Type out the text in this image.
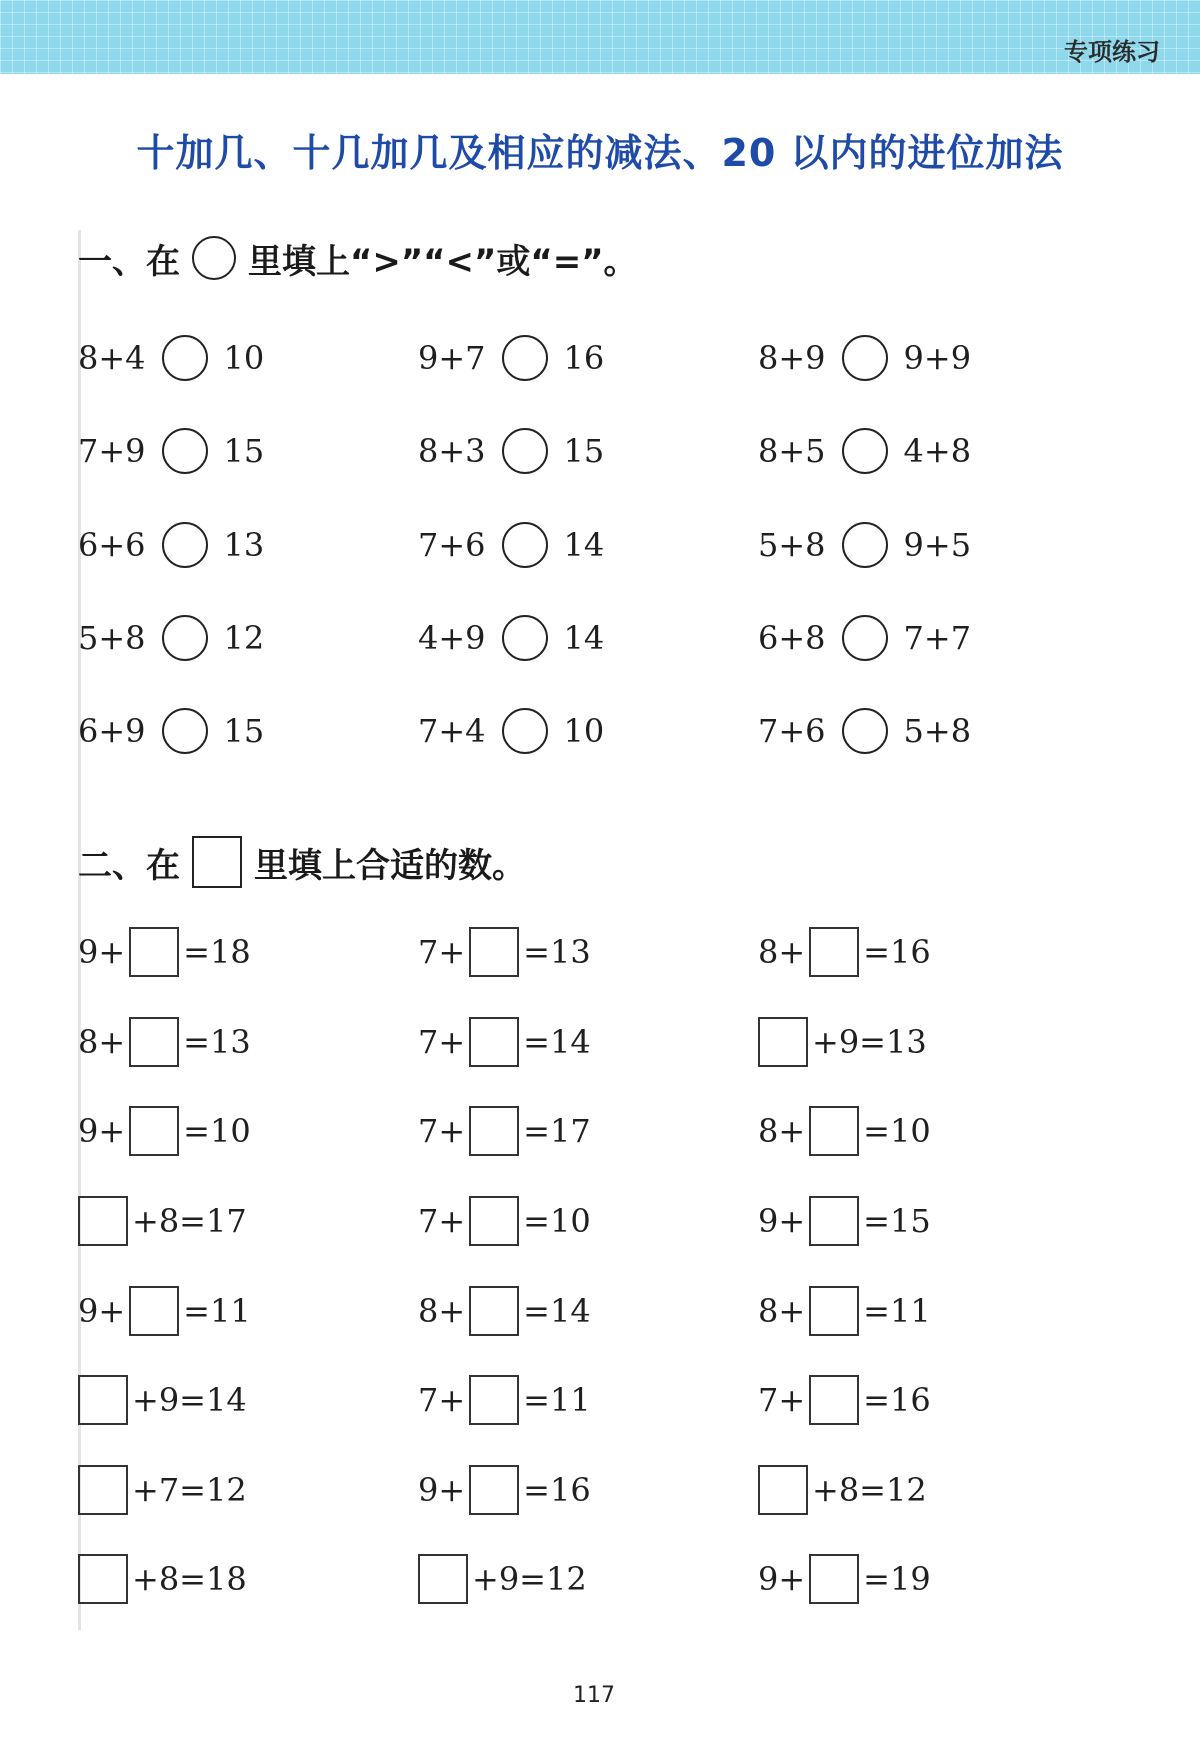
专项练习
十加几、十几加几及相应的减法、20 以内的进位加法
一、在 里填上“>”“<”或“=”。
8+4 10	9+7 16	8+9 9+9
7+9 15	8+3 15	8+5 4+8
6+6 13	7+6 14	5+8 9+5
5+8 12	4+9 14	6+8 7+7
6+9 15	7+4 10	7+6 5+8
二、在 里填上合适的数。
9+ =18	7+ =13	8+ =16
8+ =13	7+ =14	+9=13
9+ =10	7+ =17	8+ =10
+8=17	7+ =10	9+ =15
9+ =11	8+ =14	8+ =11
+9=14	7+ =11	7+ =16
+7=12	9+ =16	+8=12
+8=18	+9=12	9+ =19
117
